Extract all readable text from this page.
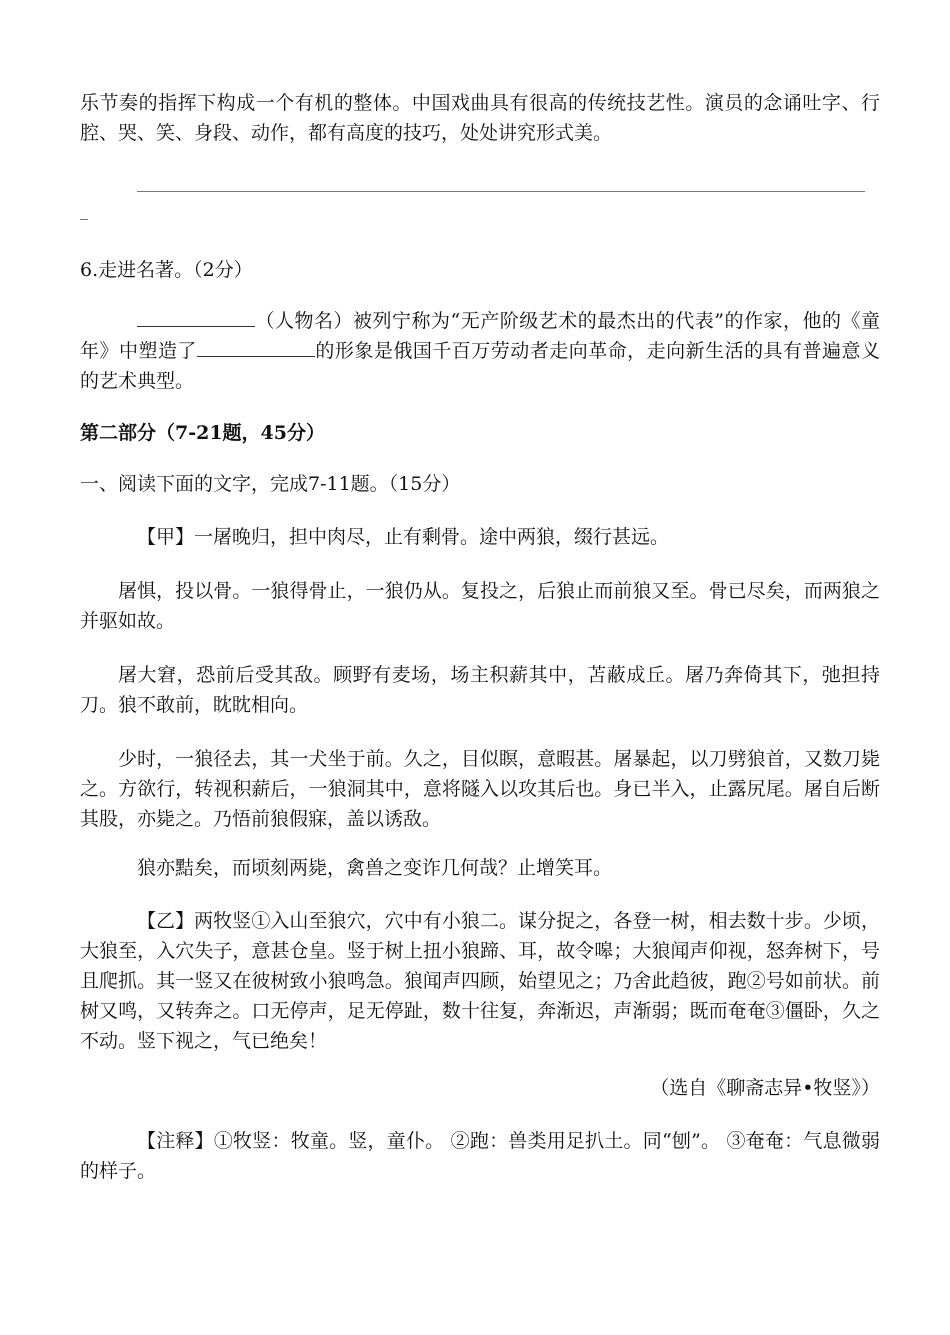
乐节奏的指挥下构成一个有机的整体。中国戏曲具有很高的传统技艺性。演员的念诵吐字、行腔、哭、笑、身段、动作，都有高度的技巧，处处讲究形式美。

6.走进名著。（2分）

（人物名）被列宁称为“无产阶级艺术的最杰出的代表”的作家，他的《童年》中塑造了	的形象是俄国千百万劳动者走向革命，走向新生活的具有普遍意义的艺术典型。

第二部分（7-21题，45分）

一、阅读下面的文字，完成7-11题。（15分）

【甲】一屠晚归，担中肉尽，止有剩骨。途中两狼，缀行甚远。

屠惧，投以骨。一狼得骨止，一狼仍从。复投之，后狼止而前狼又至。骨已尽矣，而两狼之并驱如故。

屠大窘，恐前后受其敌。顾野有麦场，场主积薪其中，苫蔽成丘。屠乃奔倚其下，弛担持刀。狼不敢前，眈眈相向。

少时，一狼径去，其一犬坐于前。久之，目似瞑，意暇甚。屠暴起，以刀劈狼首，又数刀毙之。方欲行，转视积薪后，一狼洞其中，意将隧入以攻其后也。身已半入，止露尻尾。屠自后断其股，亦毙之。乃悟前狼假寐，盖以诱敌。

狼亦黠矣，而顷刻两毙，禽兽之变诈几何哉？止增笑耳。

【乙】两牧竖①入山至狼穴，穴中有小狼二。谋分捉之，各登一树，相去数十步。少顷，大狼至，入穴失子，意甚仓皇。竖于树上扭小狼蹄、耳，故令嗥；大狼闻声仰视，怒奔树下，号且爬抓。其一竖又在彼树致小狼鸣急。狼闻声四顾，始望见之；乃舍此趋彼，跑②号如前状。前树又鸣，又转奔之。口无停声，足无停趾，数十往复，奔渐迟，声渐弱；既而奄奄③僵卧，久之不动。竖下视之，气已绝矣！

（选自《聊斋志异•牧竖》）

【注释】①牧竖：牧童。竖，童仆。 ②跑：兽类用足扒土。同“刨”。 ③奄奄：气息微弱的样子。
